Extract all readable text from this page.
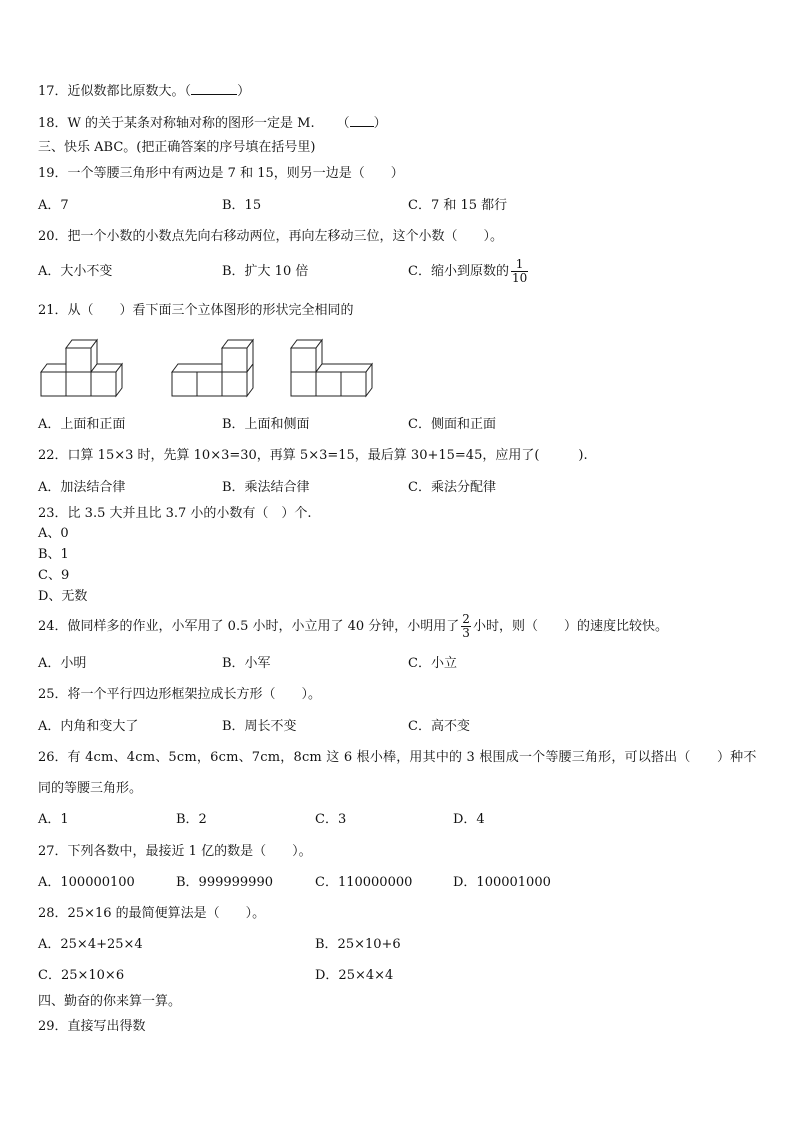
17．近似数都比原数大。（	）
18．W 的关于某条对称轴对称的图形一定是 M. （ ）
三、快乐 ABC。(把正确答案的序号填在括号里)
19．一个等腰三角形中有两边是 7 和 15，则另一边是（　　）
A．7	B．15	C．7 和 15 都行
20．把一个小数的小数点先向右移动两位，再向左移动三位，这个小数（　　）。
A．大小不变	B．扩大 10 倍	C．缩小到原数的 $\frac{1}{10}$
21．从（　　）看下面三个立体图形的形状完全相同的
A．上面和正面	B．上面和侧面	C．侧面和正面
22．口算 15×3 时，先算 10×3=30，再算 5×3=15，最后算 30+15=45，应用了(　　　).
A．加法结合律	B．乘法结合律	C．乘法分配律
23．比 3.5 大并且比 3.7 小的小数有（　）个.
A、0
B、1
C、9
D、无数
24．做同样多的作业，小军用了 0.5 小时，小立用了 40 分钟，小明用了 $\frac{2}{3}$ 小时，则（　　）的速度比较快。
A．小明	B．小军	C．小立
25．将一个平行四边形框架拉成长方形（　　）。
A．内角和变大了	B．周长不变	C．高不变
26．有 4cm、4cm、5cm，6cm、7cm，8cm 这 6 根小棒，用其中的 3 根围成一个等腰三角形，可以搭出（　　）种不
同的等腰三角形。
A．1	B．2	C．3	D．4
27．下列各数中，最接近 1 亿的数是（　　）。
A．100000100	B．999999990	C．110000000	D．100001000
28．25×16 的最简便算法是（　　）。
A．25×4+25×4	B．25×10+6
C．25×10×6	D．25×4×4
四、勤奋的你来算一算。
29．直接写出得数
